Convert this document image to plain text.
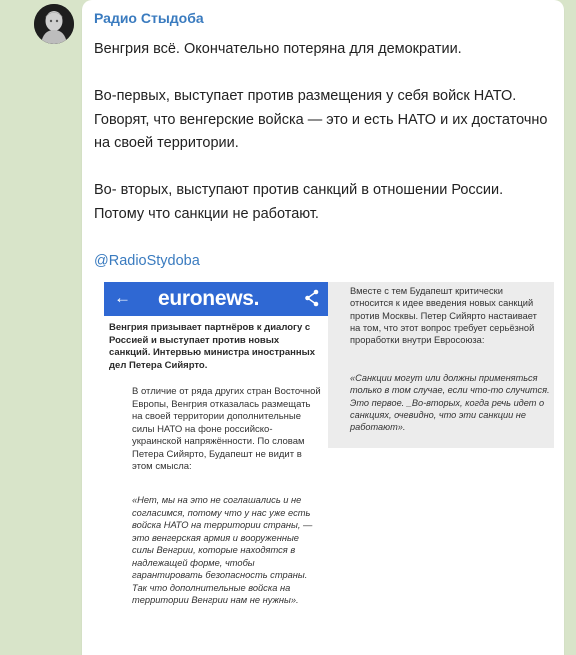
Радио Стыдоба

Венгрия всё. Окончательно потеряна для демократии.

Во-первых, выступает против размещения у себя войск НАТО. Говорят, что венгерские войска — это и есть НАТО и их достаточно на своей территории.

Во- вторых, выступают против санкций в отношении России. Потому что санкции не работают.

@RadioStydoba

← euronews.
Венгрия призывает партнёров к диалогу с Россией и выступает против новых санкций. Интервью министра иностранных дел Петера Сийярто.
В отличие от ряда других стран Восточной Европы, Венгрия отказалась размещать на своей территории дополнительные силы НАТО на фоне российско-украинской напряжённости. По словам Петера Сийярто, Будапешт не видит в этом смысла:
«Нет, мы на это не соглашались и не согласимся, потому что у нас уже есть войска НАТО на территории страны, — это венгерская армия и вооруженные силы Венгрии, которые находятся в надлежащей форме, чтобы гарантировать безопасность страны. Так что дополнительные войска на территории Венгрии нам не нужны».
Вместе с тем Будапешт критически относится к идее введения новых санкций против Москвы. Петер Сийярто настаивает на том, что этот вопрос требует серьёзной проработки внутри Евросоюза:
«Санкции могут или должны применяться только в том случае, если что-то случится. Это первое. _Во-вторых, когда речь идет о санкциях, очевидно, что эти санкции не работают».
